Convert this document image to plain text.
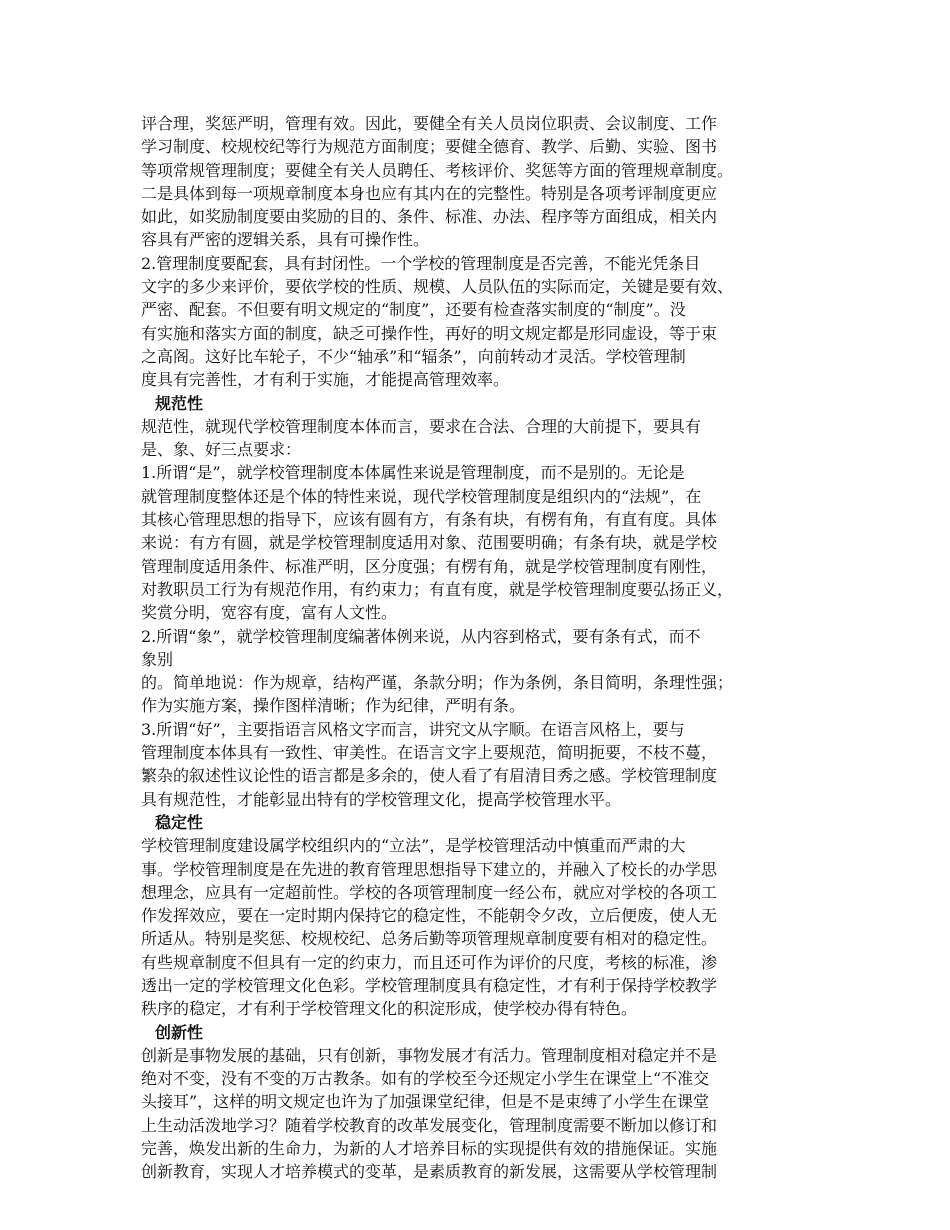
评合理，奖惩严明，管理有效。因此，要健全有关人员岗位职责、会议制度、工作
学习制度、校规校纪等行为规范方面制度；要健全德育、教学、后勤、实验、图书
等项常规管理制度；要健全有关人员聘任、考核评价、奖惩等方面的管理规章制度。
二是具体到每一项规章制度本身也应有其内在的完整性。特别是各项考评制度更应
如此，如奖励制度要由奖励的目的、条件、标准、办法、程序等方面组成，相关内
容具有严密的逻辑关系，具有可操作性。
2.管理制度要配套，具有封闭性。一个学校的管理制度是否完善，不能光凭条目
文字的多少来评价，要依学校的性质、规模、人员队伍的实际而定，关键是要有效、
严密、配套。不但要有明文规定的“制度”，还要有检查落实制度的“制度”。没
有实施和落实方面的制度，缺乏可操作性，再好的明文规定都是形同虚设，等于束
之高阁。这好比车轮子，不少“轴承”和“辐条”，向前转动才灵活。学校管理制
度具有完善性，才有利于实施，才能提高管理效率。
规范性
规范性，就现代学校管理制度本体而言，要求在合法、合理的大前提下，要具有
是、象、好三点要求：
1.所谓“是”，就学校管理制度本体属性来说是管理制度，而不是别的。无论是
就管理制度整体还是个体的特性来说，现代学校管理制度是组织内的“法规”，在
其核心管理思想的指导下，应该有圆有方，有条有块，有楞有角，有直有度。具体
来说：有方有圆，就是学校管理制度适用对象、范围要明确；有条有块，就是学校
管理制度适用条件、标准严明，区分度强；有楞有角，就是学校管理制度有刚性，
对教职员工行为有规范作用，有约束力；有直有度，就是学校管理制度要弘扬正义，
奖赏分明，宽容有度，富有人文性。
2.所谓“象”，就学校管理制度编著体例来说，从内容到格式，要有条有式，而不
象别
的。简单地说：作为规章，结构严谨，条款分明；作为条例，条目简明，条理性强；
作为实施方案，操作图样清晰；作为纪律，严明有条。
3.所谓“好”，主要指语言风格文字而言，讲究文从字顺。在语言风格上，要与
管理制度本体具有一致性、审美性。在语言文字上要规范，简明扼要，不枝不蔓，
繁杂的叙述性议论性的语言都是多余的，使人看了有眉清目秀之感。学校管理制度
具有规范性，才能彰显出特有的学校管理文化，提高学校管理水平。
稳定性
学校管理制度建设属学校组织内的“立法”，是学校管理活动中慎重而严肃的大
事。学校管理制度是在先进的教育管理思想指导下建立的，并融入了校长的办学思
想理念，应具有一定超前性。学校的各项管理制度一经公布，就应对学校的各项工
作发挥效应，要在一定时期内保持它的稳定性，不能朝令夕改，立后便废，使人无
所适从。特别是奖惩、校规校纪、总务后勤等项管理规章制度要有相对的稳定性。
有些规章制度不但具有一定的约束力，而且还可作为评价的尺度，考核的标准，渗
透出一定的学校管理文化色彩。学校管理制度具有稳定性，才有利于保持学校教学
秩序的稳定，才有利于学校管理文化的积淀形成，使学校办得有特色。
创新性
创新是事物发展的基础，只有创新，事物发展才有活力。管理制度相对稳定并不是
绝对不变，没有不变的万古教条。如有的学校至今还规定小学生在课堂上“不准交
头接耳”，这样的明文规定也许为了加强课堂纪律，但是不是束缚了小学生在课堂
上生动活泼地学习？随着学校教育的改革发展变化，管理制度需要不断加以修订和
完善，焕发出新的生命力，为新的人才培养目标的实现提供有效的措施保证。实施
创新教育，实现人才培养模式的变革，是素质教育的新发展，这需要从学校管理制
